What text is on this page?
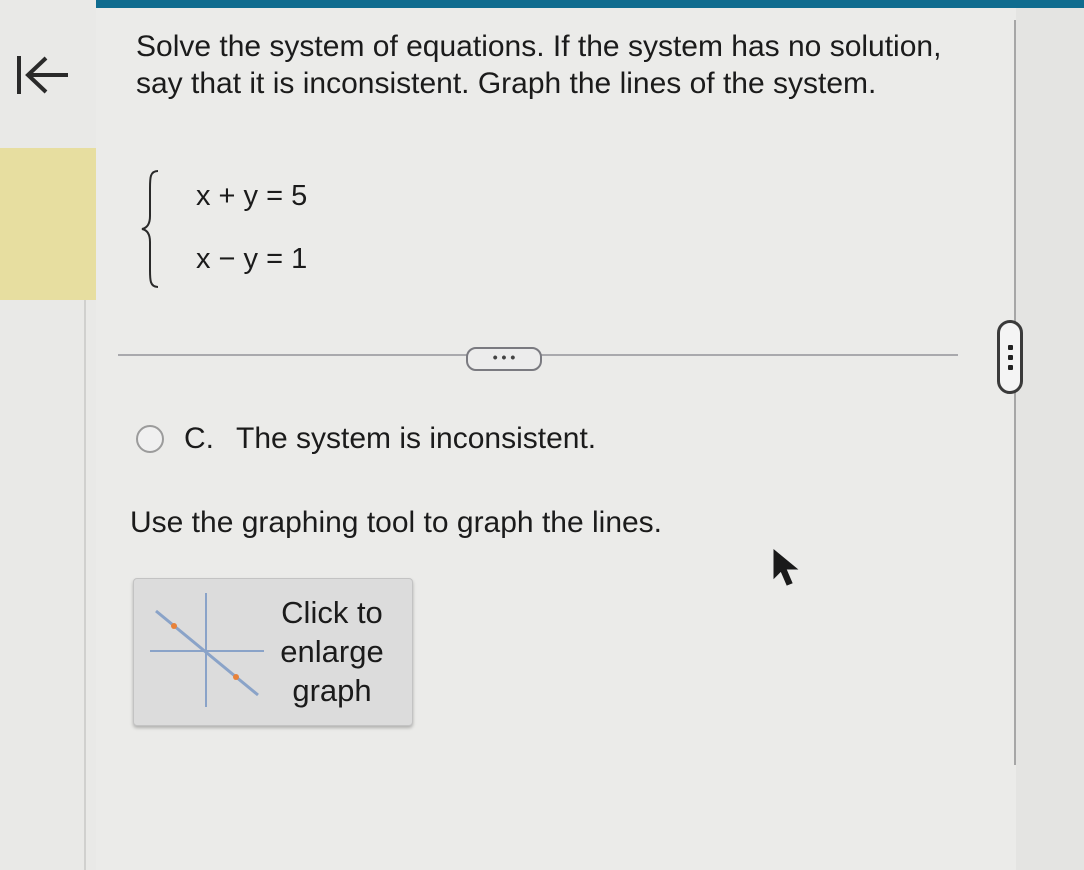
Solve the system of equations. If the system has no solution, say that it is inconsistent. Graph the lines of the system.

x + y = 5
x − y = 1
• • •
C. The system is inconsistent.
Use the graphing tool to graph the lines.
Click to
enlarge
graph
